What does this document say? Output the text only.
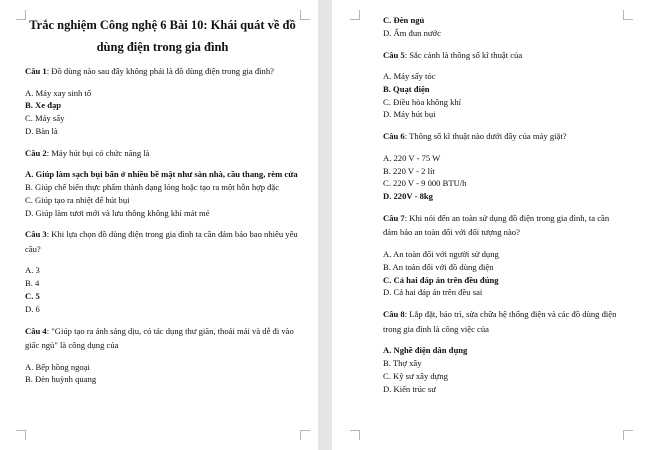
Trắc nghiệm Công nghệ 6 Bài 10: Khái quát về đồ dùng điện trong gia đình
Câu 1: Đồ dùng nào sau đây không phải là đồ dùng điện trong gia đình?
A. Máy xay sinh tố
B. Xe đạp
C. Máy sấy
D. Bàn là
Câu 2: Máy hút bụi có chức năng là
A. Giúp làm sạch bụi bẩn ở nhiều bề mặt như sàn nhà, cầu thang, rèm cửa
B. Giúp chế biến thực phẩm thành dạng lỏng hoặc tạo ra một hỗn hợp đặc
C. Giúp tạo ra nhiệt để hút bụi
D. Giúp làm tươi mới và lưu thông không khí mát mẻ
Câu 3: Khi lựa chọn đồ dùng điện trong gia đình ta cần đảm bảo bao nhiêu yêu cầu?
A. 3
B. 4
C. 5
D. 6
Câu 4: "Giúp tạo ra ánh sáng dịu, có tác dụng thư giãn, thoải mái và dễ đi vào giấc ngủ" là công dụng của
A. Bếp hồng ngoại
B. Đèn huỳnh quang
C. Đèn ngủ
D. Ấm đun nước
Câu 5: Sắc cảnh là thông số kĩ thuật của
A. Máy sấy tóc
B. Quạt điện
C. Điều hòa không khí
D. Máy hút bụi
Câu 6: Thông số kĩ thuật nào dưới đây của máy giặt?
A. 220 V - 75 W
B. 220 V - 2 lít
C. 220 V - 9 000 BTU/h
D. 220V - 8kg
Câu 7: Khi nói đến an toàn sử dụng đồ điện trong gia đình, ta cần đảm bảo an toàn đối với đối tượng nào?
A. An toàn đối với người sử dụng
B. An toàn đối với đồ dùng điện
C. Cả hai đáp án trên đều đúng
D. Cả hai đáp án trên đều sai
Câu 8: Lắp đặt, bảo trì, sửa chữa hệ thống điện và các đồ dùng điện trong gia đình là công việc của
A. Nghề điện dân dụng
B. Thợ xây
C. Kỹ sư xây dựng
D. Kiến trúc sư
